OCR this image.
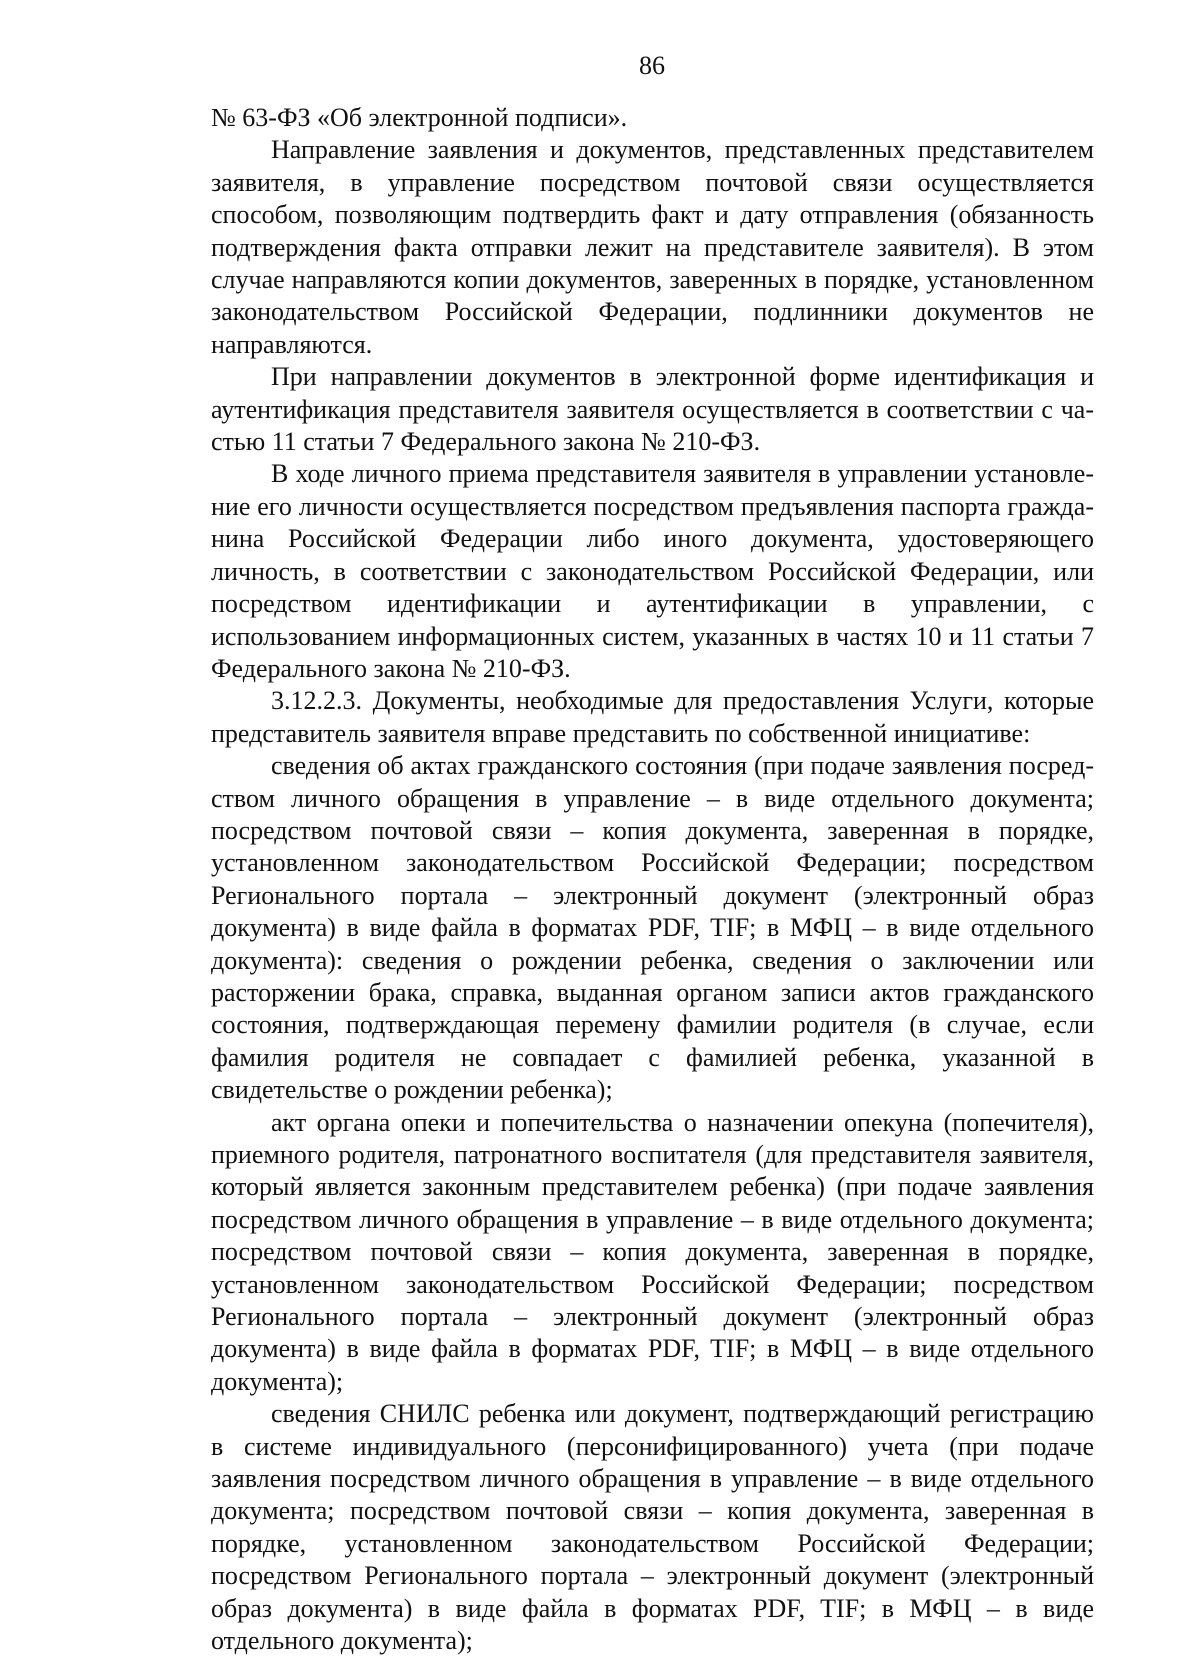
86

№ 63-ФЗ «Об электронной подписи».

Направление заявления и документов, представленных представителем заявителя, в управление посредством почтовой связи осуществляется способом, позволяющим подтвердить факт и дату отправления (обязанность подтверждения факта отправки лежит на представителе заявителя). В этом случае направляются копии документов, заверенных в порядке, установленном законодательством Российской Федерации, подлинники документов не направляются.

При направлении документов в электронной форме идентификация и аутентификация представителя заявителя осуществляется в соответствии с частью 11 статьи 7 Федерального закона № 210-ФЗ.

В ходе личного приема представителя заявителя в управлении установление его личности осуществляется посредством предъявления паспорта гражданина Российской Федерации либо иного документа, удостоверяющего личность, в соответствии с законодательством Российской Федерации, или посредством идентификации и аутентификации в управлении, с использованием информационных систем, указанных в частях 10 и 11 статьи 7 Федерального закона № 210-ФЗ.

3.12.2.3. Документы, необходимые для предоставления Услуги, которые представитель заявителя вправе представить по собственной инициативе:

сведения об актах гражданского состояния (при подаче заявления посредством личного обращения в управление – в виде отдельного документа; посредством почтовой связи – копия документа, заверенная в порядке, установленном законодательством Российской Федерации; посредством Регионального портала – электронный документ (электронный образ документа) в виде файла в форматах PDF, TIF; в МФЦ – в виде отдельного документа): сведения о рождении ребенка, сведения о заключении или расторжении брака, справка, выданная органом записи актов гражданского состояния, подтверждающая перемену фамилии родителя (в случае, если фамилия родителя не совпадает с фамилией ребенка, указанной в свидетельстве о рождении ребенка);

акт органа опеки и попечительства о назначении опекуна (попечителя), приемного родителя, патронатного воспитателя (для представителя заявителя, который является законным представителем ребенка) (при подаче заявления посредством личного обращения в управление – в виде отдельного документа; посредством почтовой связи – копия документа, заверенная в порядке, установленном законодательством Российской Федерации; посредством Регионального портала – электронный документ (электронный образ документа) в виде файла в форматах PDF, TIF; в МФЦ – в виде отдельного документа);

сведения СНИЛС ребенка или документ, подтверждающий регистрацию в системе индивидуального (персонифицированного) учета (при подаче заявления посредством личного обращения в управление – в виде отдельного документа; посредством почтовой связи – копия документа, заверенная в порядке, установленном законодательством Российской Федерации; посредством Регионального портала – электронный документ (электронный образ документа) в виде файла в форматах PDF, TIF; в МФЦ – в виде отдельного документа);
